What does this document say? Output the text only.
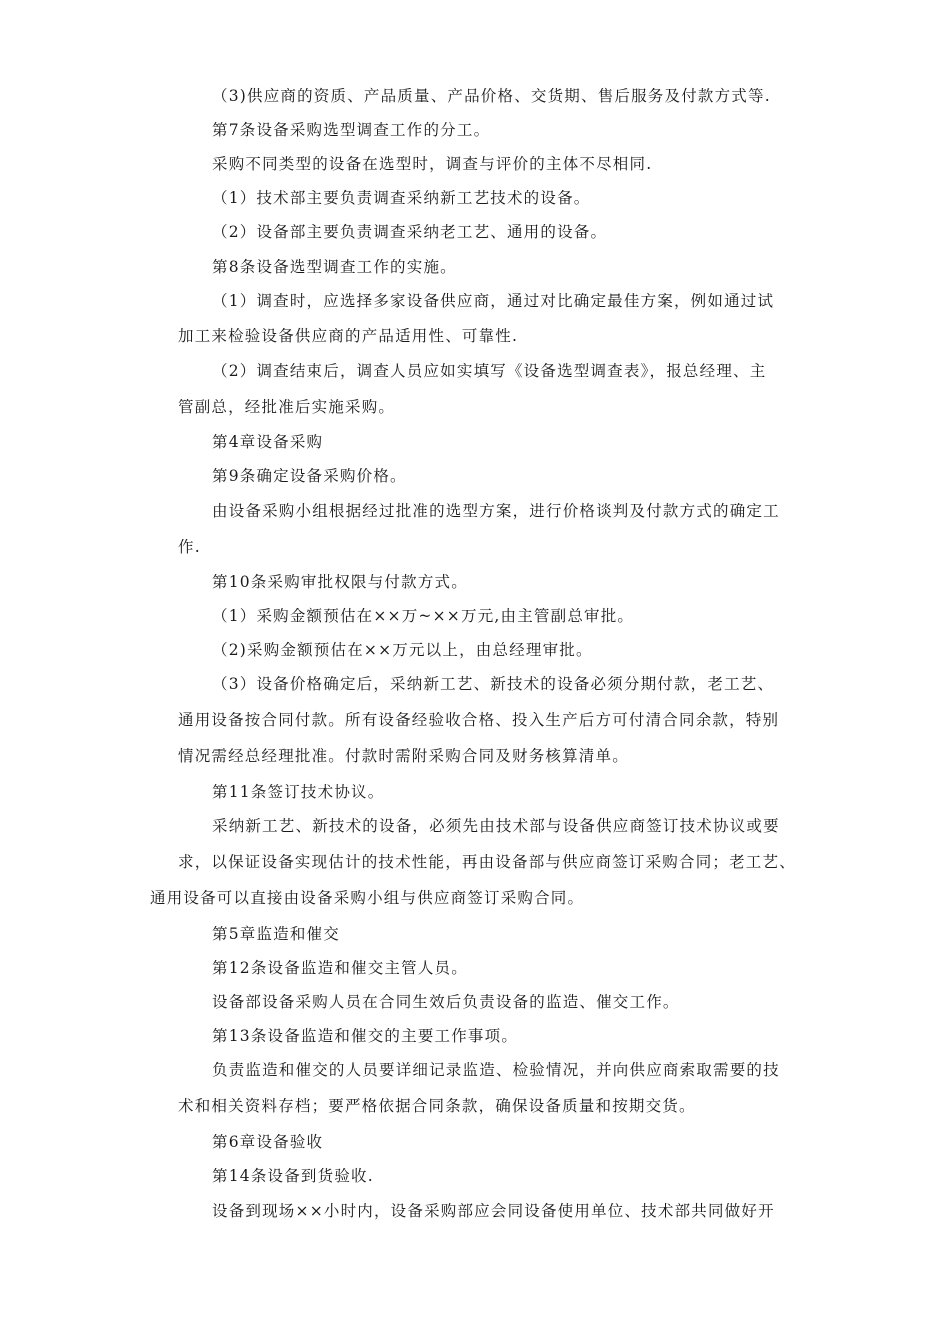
（3)供应商的资质、产品质量、产品价格、交货期、售后服务及付款方式等.
第7条设备采购选型调查工作的分工。
采购不同类型的设备在选型时，调查与评价的主体不尽相同.
（1）技术部主要负责调查采纳新工艺技术的设备。
（2）设备部主要负责调查采纳老工艺、通用的设备。
第8条设备选型调查工作的实施。
（1）调查时，应选择多家设备供应商，通过对比确定最佳方案，例如通过试
加工来检验设备供应商的产品适用性、可靠性.
（2）调查结束后，调查人员应如实填写《设备选型调查表》，报总经理、主
管副总，经批准后实施采购。
第4章设备采购
第9条确定设备采购价格。
由设备采购小组根据经过批准的选型方案，进行价格谈判及付款方式的确定工
作.
第10条采购审批权限与付款方式。
（1）采购金额预估在××万~××万元,由主管副总审批。
（2)采购金额预估在××万元以上，由总经理审批。
（3）设备价格确定后，采纳新工艺、新技术的设备必须分期付款，老工艺、
通用设备按合同付款。所有设备经验收合格、投入生产后方可付清合同余款，特别
情况需经总经理批准。付款时需附采购合同及财务核算清单。
第11条签订技术协议。
采纳新工艺、新技术的设备，必须先由技术部与设备供应商签订技术协议或要
求，以保证设备实现估计的技术性能，再由设备部与供应商签订采购合同；老工艺、
通用设备可以直接由设备采购小组与供应商签订采购合同。
第5章监造和催交
第12条设备监造和催交主管人员。
设备部设备采购人员在合同生效后负责设备的监造、催交工作。
第13条设备监造和催交的主要工作事项。
负责监造和催交的人员要详细记录监造、检验情况，并向供应商索取需要的技
术和相关资料存档；要严格依据合同条款，确保设备质量和按期交货。
第6章设备验收
第14条设备到货验收.
设备到现场××小时内，设备采购部应会同设备使用单位、技术部共同做好开
